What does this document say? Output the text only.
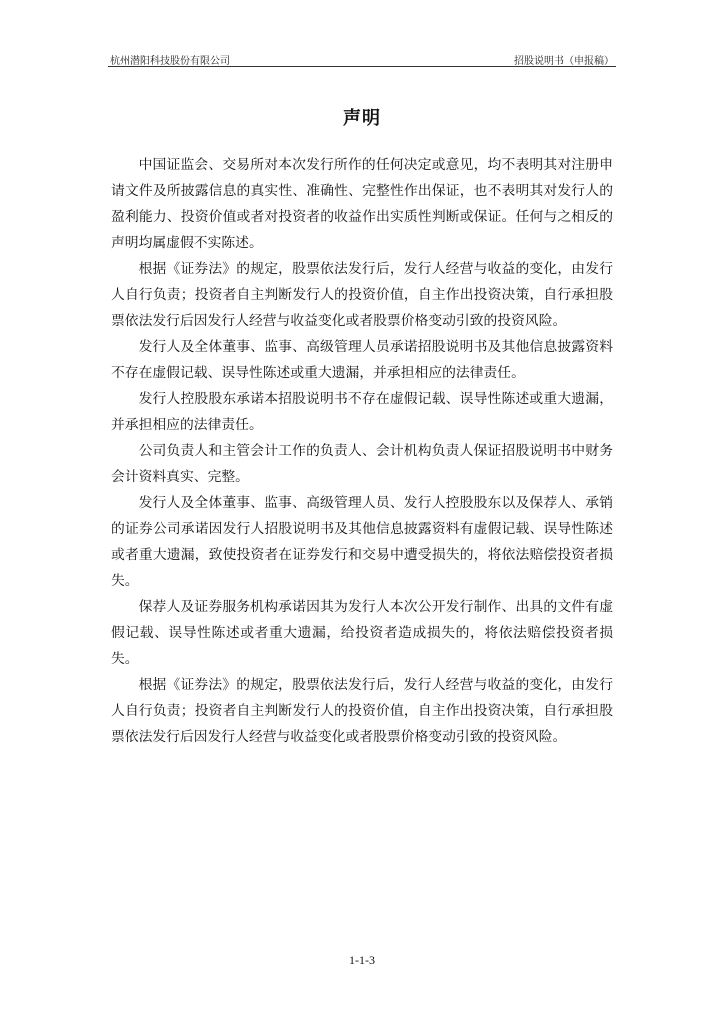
杭州潜阳科技股份有限公司	招股说明书（申报稿）
声明

中国证监会、交易所对本次发行所作的任何决定或意见，均不表明其对注册申请文件及所披露信息的真实性、准确性、完整性作出保证，也不表明其对发行人的盈利能力、投资价值或者对投资者的收益作出实质性判断或保证。任何与之相反的声明均属虚假不实陈述。

根据《证券法》的规定，股票依法发行后，发行人经营与收益的变化，由发行人自行负责；投资者自主判断发行人的投资价值，自主作出投资决策，自行承担股票依法发行后因发行人经营与收益变化或者股票价格变动引致的投资风险。

发行人及全体董事、监事、高级管理人员承诺招股说明书及其他信息披露资料不存在虚假记载、误导性陈述或重大遗漏，并承担相应的法律责任。

发行人控股股东承诺本招股说明书不存在虚假记载、误导性陈述或重大遗漏，并承担相应的法律责任。

公司负责人和主管会计工作的负责人、会计机构负责人保证招股说明书中财务会计资料真实、完整。

发行人及全体董事、监事、高级管理人员、发行人控股股东以及保荐人、承销的证券公司承诺因发行人招股说明书及其他信息披露资料有虚假记载、误导性陈述或者重大遗漏，致使投资者在证券发行和交易中遭受损失的，将依法赔偿投资者损失。

保荐人及证券服务机构承诺因其为发行人本次公开发行制作、出具的文件有虚假记载、误导性陈述或者重大遗漏，给投资者造成损失的，将依法赔偿投资者损失。

根据《证券法》的规定，股票依法发行后，发行人经营与收益的变化，由发行人自行负责；投资者自主判断发行人的投资价值，自主作出投资决策，自行承担股票依法发行后因发行人经营与收益变化或者股票价格变动引致的投资风险。

1-1-3
